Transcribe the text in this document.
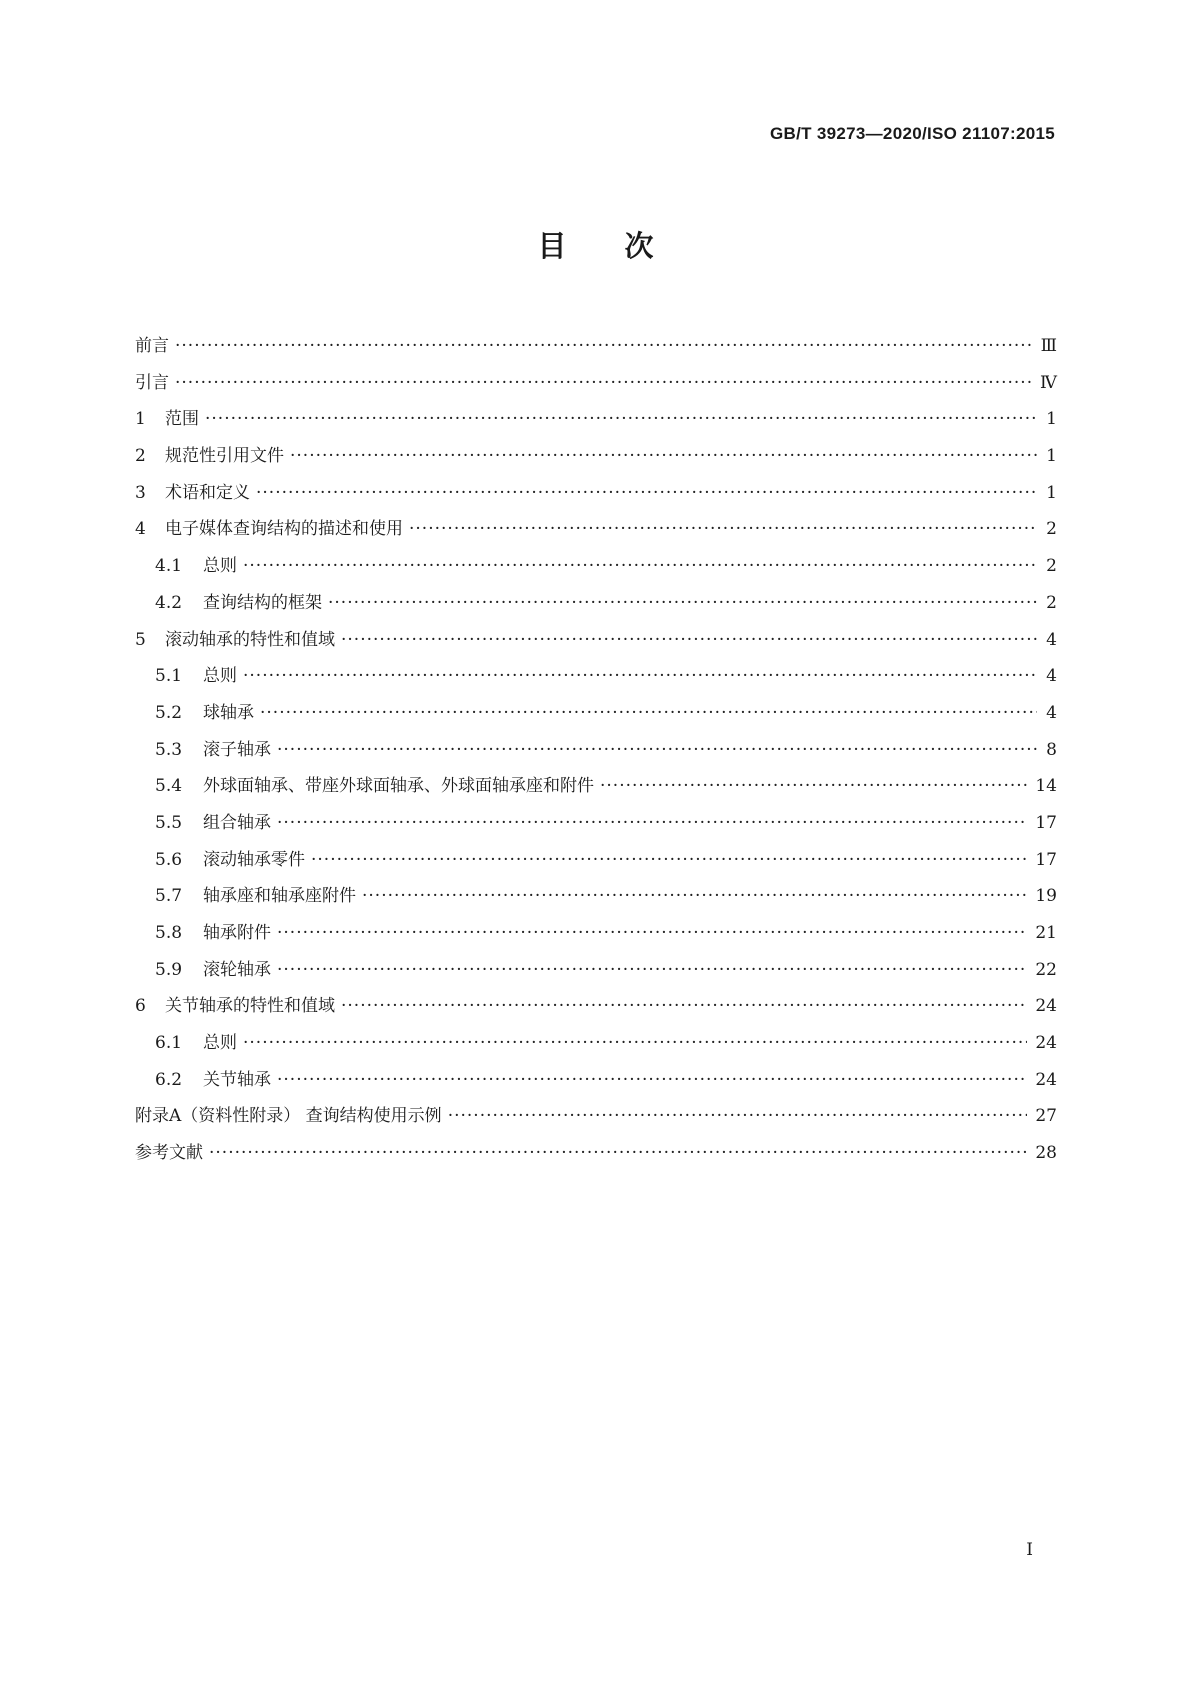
GB/T 39273—2020/ISO 21107:2015
目次
前言 ·····	Ⅲ
引言 ·····	Ⅳ
1	范围 ·····	1
2	规范性引用文件 ·····	1
3	术语和定义 ·····	1
4	电子媒体查询结构的描述和使用 ·····	2
4.1	总则 ·····	2
4.2	查询结构的框架 ·····	2
5	滚动轴承的特性和值域 ·····	4
5.1	总则 ·····	4
5.2	球轴承 ·····	4
5.3	滚子轴承 ·····	8
5.4	外球面轴承、带座外球面轴承、外球面轴承座和附件 ·····	14
5.5	组合轴承 ·····	17
5.6	滚动轴承零件 ·····	17
5.7	轴承座和轴承座附件 ·····	19
5.8	轴承附件 ·····	21
5.9	滚轮轴承 ·····	22
6	关节轴承的特性和值域 ·····	24
6.1	总则 ·····	24
6.2	关节轴承 ·····	24
附录A（资料性附录） 查询结构使用示例 ·····	27
参考文献 ·····	28
Ⅰ
